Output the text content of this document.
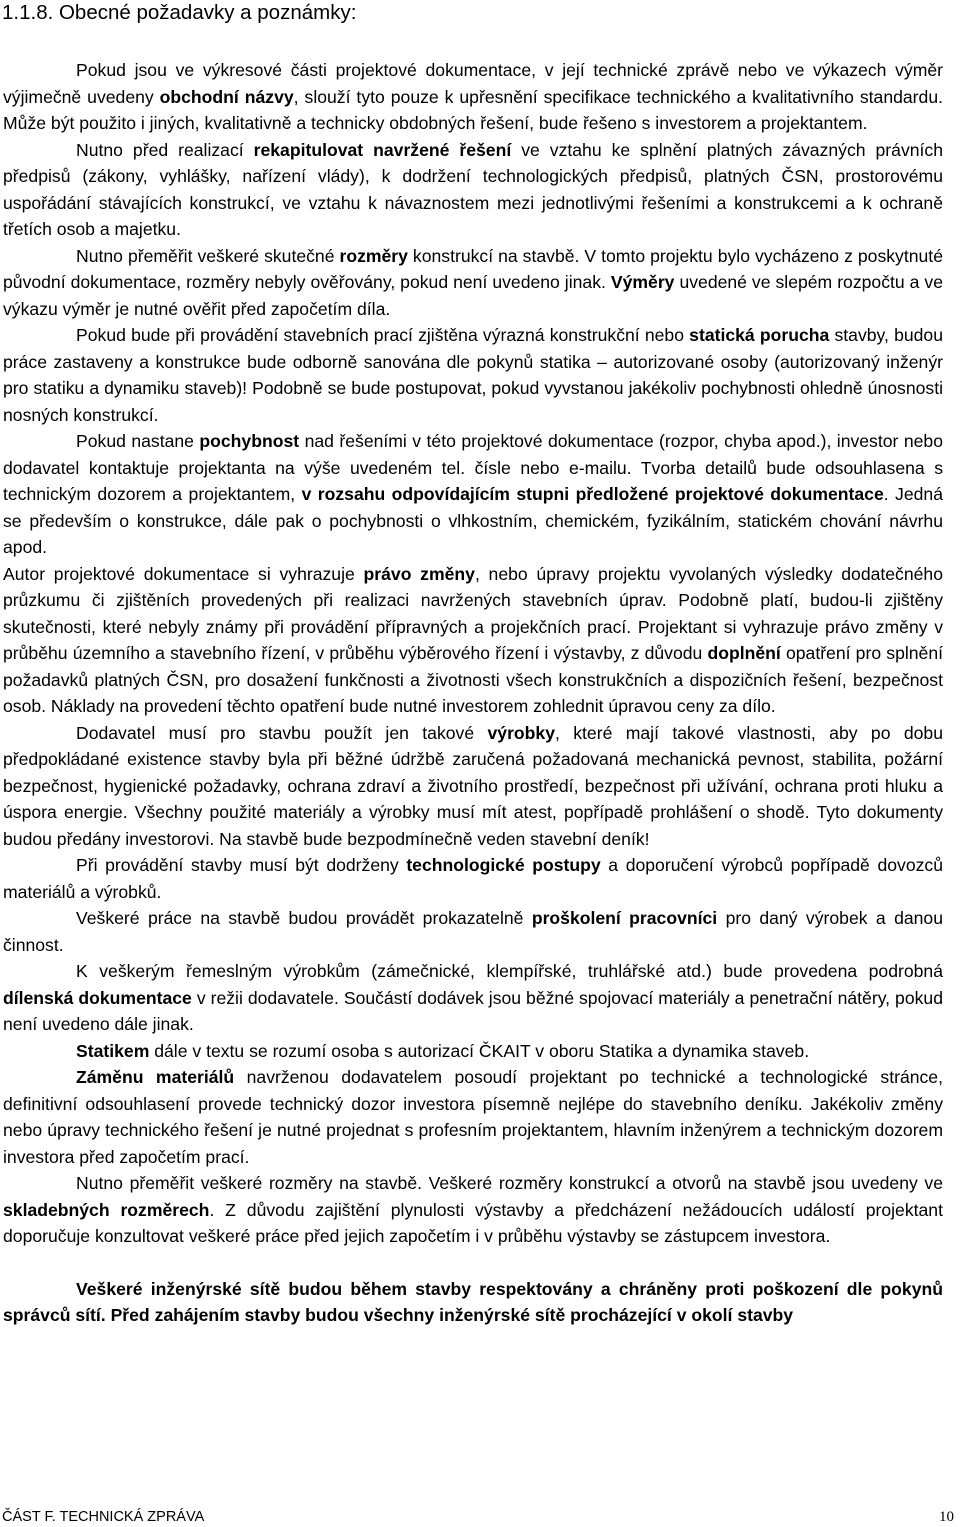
1.1.8. Obecné požadavky a poznámky:

Pokud jsou ve výkresové části projektové dokumentace, v její technické zprávě nebo ve výkazech výměr výjimečně uvedeny obchodní názvy, slouží tyto pouze k upřesnění specifikace technického a kvalitativního standardu. Může být použito i jiných, kvalitativně a technicky obdobných řešení, bude řešeno s investorem a projektantem.

Nutno před realizací rekapitulovat navržené řešení ve vztahu ke splnění platných závazných právních předpisů (zákony, vyhlášky, nařízení vlády), k dodržení technologických předpisů, platných ČSN, prostorovému uspořádání stávajících konstrukcí, ve vztahu k návaznostem mezi jednotlivými řešeními a konstrukcemi a k ochraně třetích osob a majetku.

Nutno přeměřit veškeré skutečné rozměry konstrukcí na stavbě. V tomto projektu bylo vycházeno z poskytnuté původní dokumentace, rozměry nebyly ověřovány, pokud není uvedeno jinak. Výměry uvedené ve slepém rozpočtu a ve výkazu výměr je nutné ověřit před započetím díla.

Pokud bude při provádění stavebních prací zjištěna výrazná konstrukční nebo statická porucha stavby, budou práce zastaveny a konstrukce bude odborně sanována dle pokynů statika – autorizované osoby (autorizovaný inženýr pro statiku a dynamiku staveb)! Podobně se bude postupovat, pokud vyvstanou jakékoliv pochybnosti ohledně únosnosti nosných konstrukcí.

Pokud nastane pochybnost nad řešeními v této projektové dokumentace (rozpor, chyba apod.), investor nebo dodavatel kontaktuje projektanta na výše uvedeném tel. čísle nebo e-mailu. Tvorba detailů bude odsouhlasena s technickým dozorem a projektantem, v rozsahu odpovídajícím stupni předložené projektové dokumentace. Jedná se především o konstrukce, dále pak o pochybnosti o vlhkostním, chemickém, fyzikálním, statickém chování návrhu apod.

Autor projektové dokumentace si vyhrazuje právo změny, nebo úpravy projektu vyvolaných výsledky dodatečného průzkumu či zjištěních provedených při realizaci navržených stavebních úprav. Podobně platí, budou-li zjištěny skutečnosti, které nebyly známy při provádění přípravných a projekčních prací. Projektant si vyhrazuje právo změny v průběhu územního a stavebního řízení, v průběhu výběrového řízení i výstavby, z důvodu doplnění opatření pro splnění požadavků platných ČSN, pro dosažení funkčnosti a životnosti všech konstrukčních a dispozičních řešení, bezpečnost osob. Náklady na provedení těchto opatření bude nutné investorem zohlednit úpravou ceny za dílo.

Dodavatel musí pro stavbu použít jen takové výrobky, které mají takové vlastnosti, aby po dobu předpokládané existence stavby byla při běžné údržbě zaručená požadovaná mechanická pevnost, stabilita, požární bezpečnost, hygienické požadavky, ochrana zdraví a životního prostředí, bezpečnost při užívání, ochrana proti hluku a úspora energie. Všechny použité materiály a výrobky musí mít atest, popřípadě prohlášení o shodě. Tyto dokumenty budou předány investorovi. Na stavbě bude bezpodmínečně veden stavební deník!

Při provádění stavby musí být dodrženy technologické postupy a doporučení výrobců popřípadě dovozců materiálů a výrobků.

Veškeré práce na stavbě budou provádět prokazatelně proškolení pracovníci pro daný výrobek a danou činnost.

K veškerým řemeslným výrobkům (zámečnické, klempířské, truhlářské atd.) bude provedena podrobná dílenská dokumentace v režii dodavatele. Součástí dodávek jsou běžné spojovací materiály a penetrační nátěry, pokud není uvedeno dále jinak.

Statikem dále v textu se rozumí osoba s autorizací ČKAIT v oboru Statika a dynamika staveb.

Záměnu materiálů navrženou dodavatelem posoudí projektant po technické a technologické stránce, definitivní odsouhlasení provede technický dozor investora písemně nejlépe do stavebního deníku. Jakékoliv změny nebo úpravy technického řešení je nutné projednat s profesním projektantem, hlavním inženýrem a technickým dozorem investora před započetím prací.

Nutno přeměřit veškeré rozměry na stavbě. Veškeré rozměry konstrukcí a otvorů na stavbě jsou uvedeny ve skladebných rozměrech. Z důvodu zajištění plynulosti výstavby a předcházení nežádoucích událostí projektant doporučuje konzultovat veškeré práce před jejich započetím i v průběhu výstavby se zástupcem investora.

Veškeré inženýrské sítě budou během stavby respektovány a chráněny proti poškození dle pokynů správců sítí. Před zahájením stavby budou všechny inženýrské sítě procházející v okolí stavby

ČÁST F. TECHNICKÁ ZPRÁVA	10
